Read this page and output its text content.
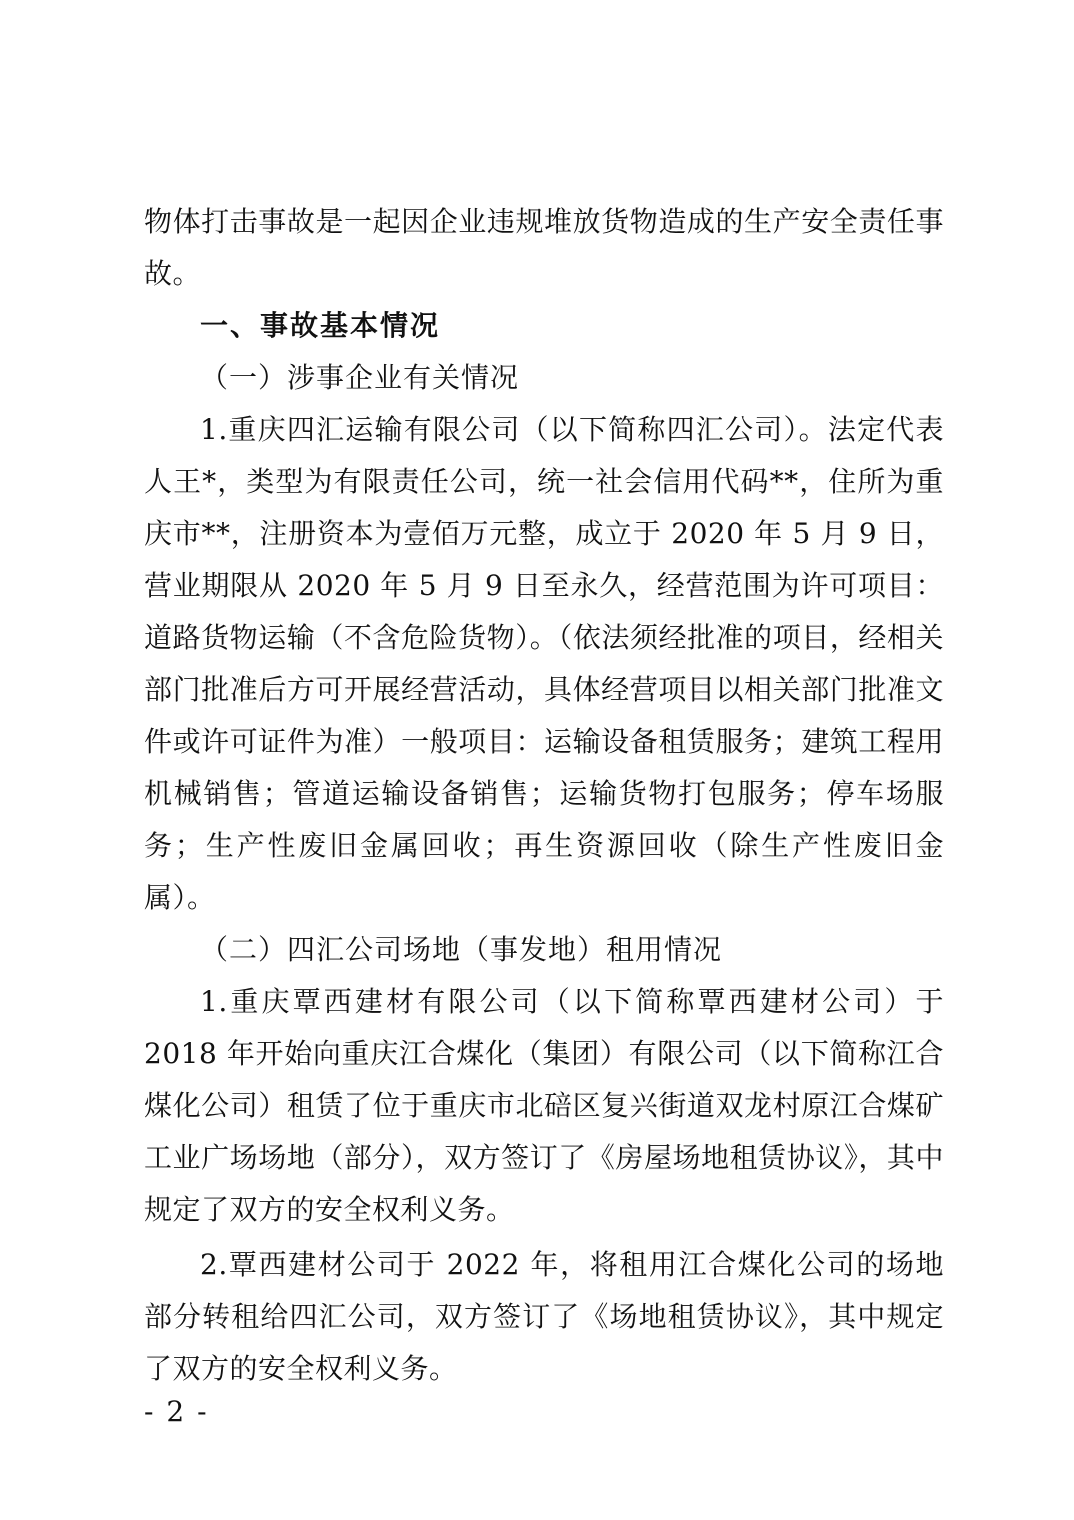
物体打击事故是一起因企业违规堆放货物造成的生产安全责任事故。

一、事故基本情况

（一）涉事企业有关情况

1.重庆四汇运输有限公司（以下简称四汇公司）。法定代表人王*，类型为有限责任公司，统一社会信用代码**，住所为重庆市**，注册资本为壹佰万元整，成立于 2020 年 5 月 9 日，营业期限从 2020 年 5 月 9 日至永久，经营范围为许可项目：道路货物运输（不含危险货物）。（依法须经批准的项目，经相关部门批准后方可开展经营活动，具体经营项目以相关部门批准文件或许可证件为准）一般项目：运输设备租赁服务；建筑工程用机械销售；管道运输设备销售；运输货物打包服务；停车场服务；生产性废旧金属回收；再生资源回收（除生产性废旧金属）。

（二）四汇公司场地（事发地）租用情况

1.重庆覃西建材有限公司（以下简称覃西建材公司）于 2018 年开始向重庆江合煤化（集团）有限公司（以下简称江合煤化公司）租赁了位于重庆市北碚区复兴街道双龙村原江合煤矿工业广场场地（部分），双方签订了《房屋场地租赁协议》，其中规定了双方的安全权利义务。

2.覃西建材公司于 2022 年，将租用江合煤化公司的场地部分转租给四汇公司，双方签订了《场地租赁协议》，其中规定了双方的安全权利义务。

- 2 -
